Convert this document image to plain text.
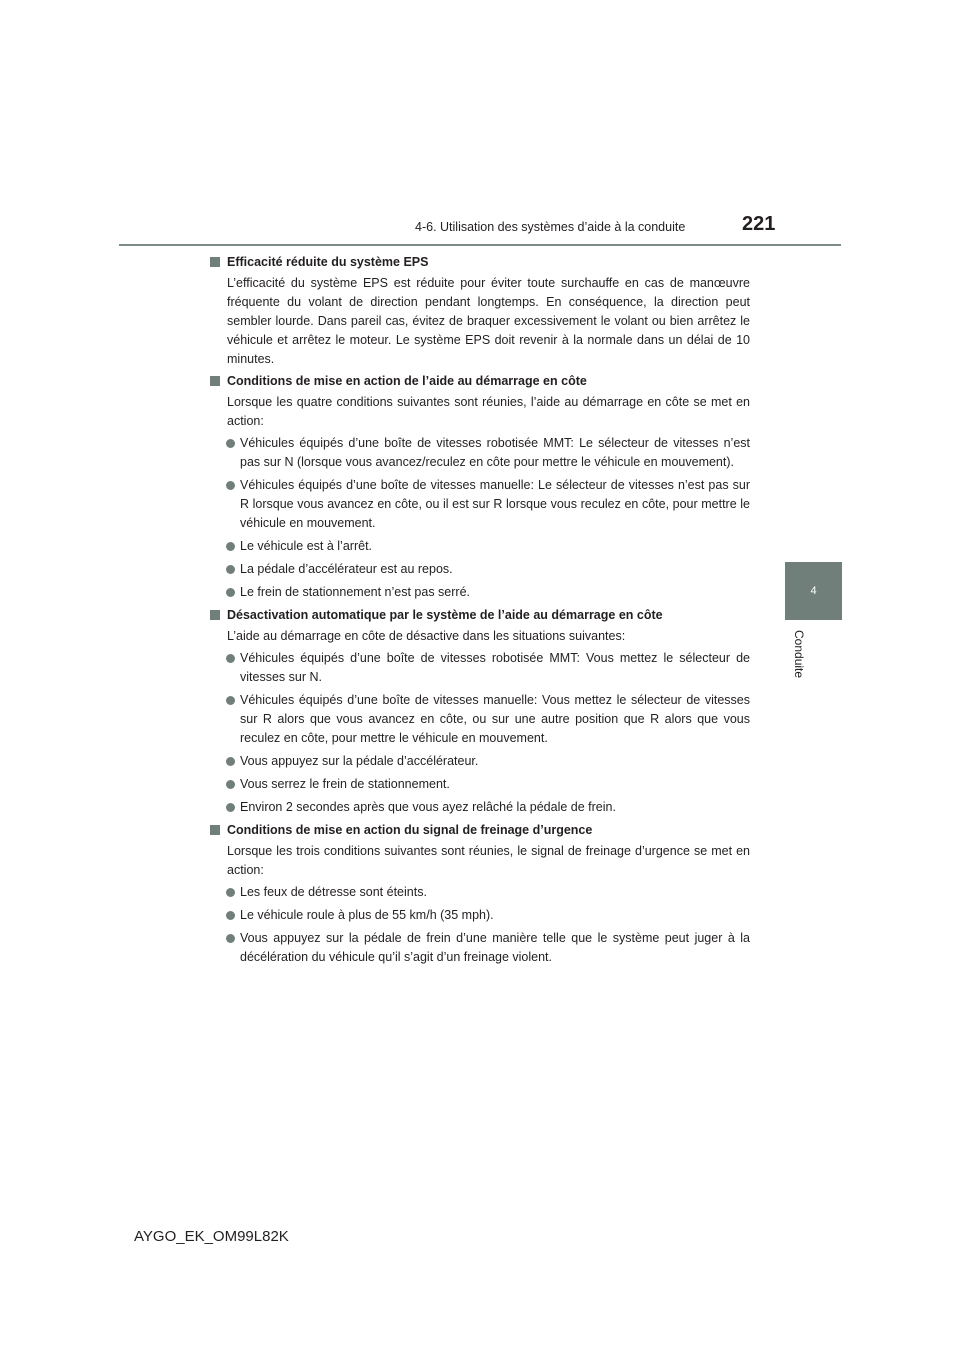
4-6. Utilisation des systèmes d’aide à la conduite	221
4
Conduite
Efficacité réduite du système EPS
L’efficacité du système EPS est réduite pour éviter toute surchauffe en cas de manœuvre fréquente du volant de direction pendant longtemps. En conséquence, la direction peut sembler lourde. Dans pareil cas, évitez de braquer excessivement le volant ou bien arrêtez le véhicule et arrêtez le moteur. Le système EPS doit revenir à la normale dans un délai de 10 minutes.
Conditions de mise en action de l’aide au démarrage en côte
Lorsque les quatre conditions suivantes sont réunies, l’aide au démarrage en côte se met en action:
Véhicules équipés d’une boîte de vitesses robotisée MMT: Le sélecteur de vitesses n’est pas sur N (lorsque vous avancez/reculez en côte pour mettre le véhicule en mouvement).
Véhicules équipés d’une boîte de vitesses manuelle: Le sélecteur de vitesses n’est pas sur R lorsque vous avancez en côte, ou il est sur R lorsque vous reculez en côte, pour mettre le véhicule en mouvement.
Le véhicule est à l’arrêt.
La pédale d’accélérateur est au repos.
Le frein de stationnement n’est pas serré.
Désactivation automatique par le système de l’aide au démarrage en côte
L’aide au démarrage en côte de désactive dans les situations suivantes:
Véhicules équipés d’une boîte de vitesses robotisée MMT: Vous mettez le sélecteur de vitesses sur N.
Véhicules équipés d’une boîte de vitesses manuelle: Vous mettez le sélecteur de vitesses sur R alors que vous avancez en côte, ou sur une autre position que R alors que vous reculez en côte, pour mettre le véhicule en mouvement.
Vous appuyez sur la pédale d’accélérateur.
Vous serrez le frein de stationnement.
Environ 2 secondes après que vous ayez relâché la pédale de frein.
Conditions de mise en action du signal de freinage d’urgence
Lorsque les trois conditions suivantes sont réunies, le signal de freinage d’urgence se met en action:
Les feux de détresse sont éteints.
Le véhicule roule à plus de 55 km/h (35 mph).
Vous appuyez sur la pédale de frein d’une manière telle que le système peut juger à la décélération du véhicule qu’il s’agit d’un freinage violent.
AYGO_EK_OM99L82K
